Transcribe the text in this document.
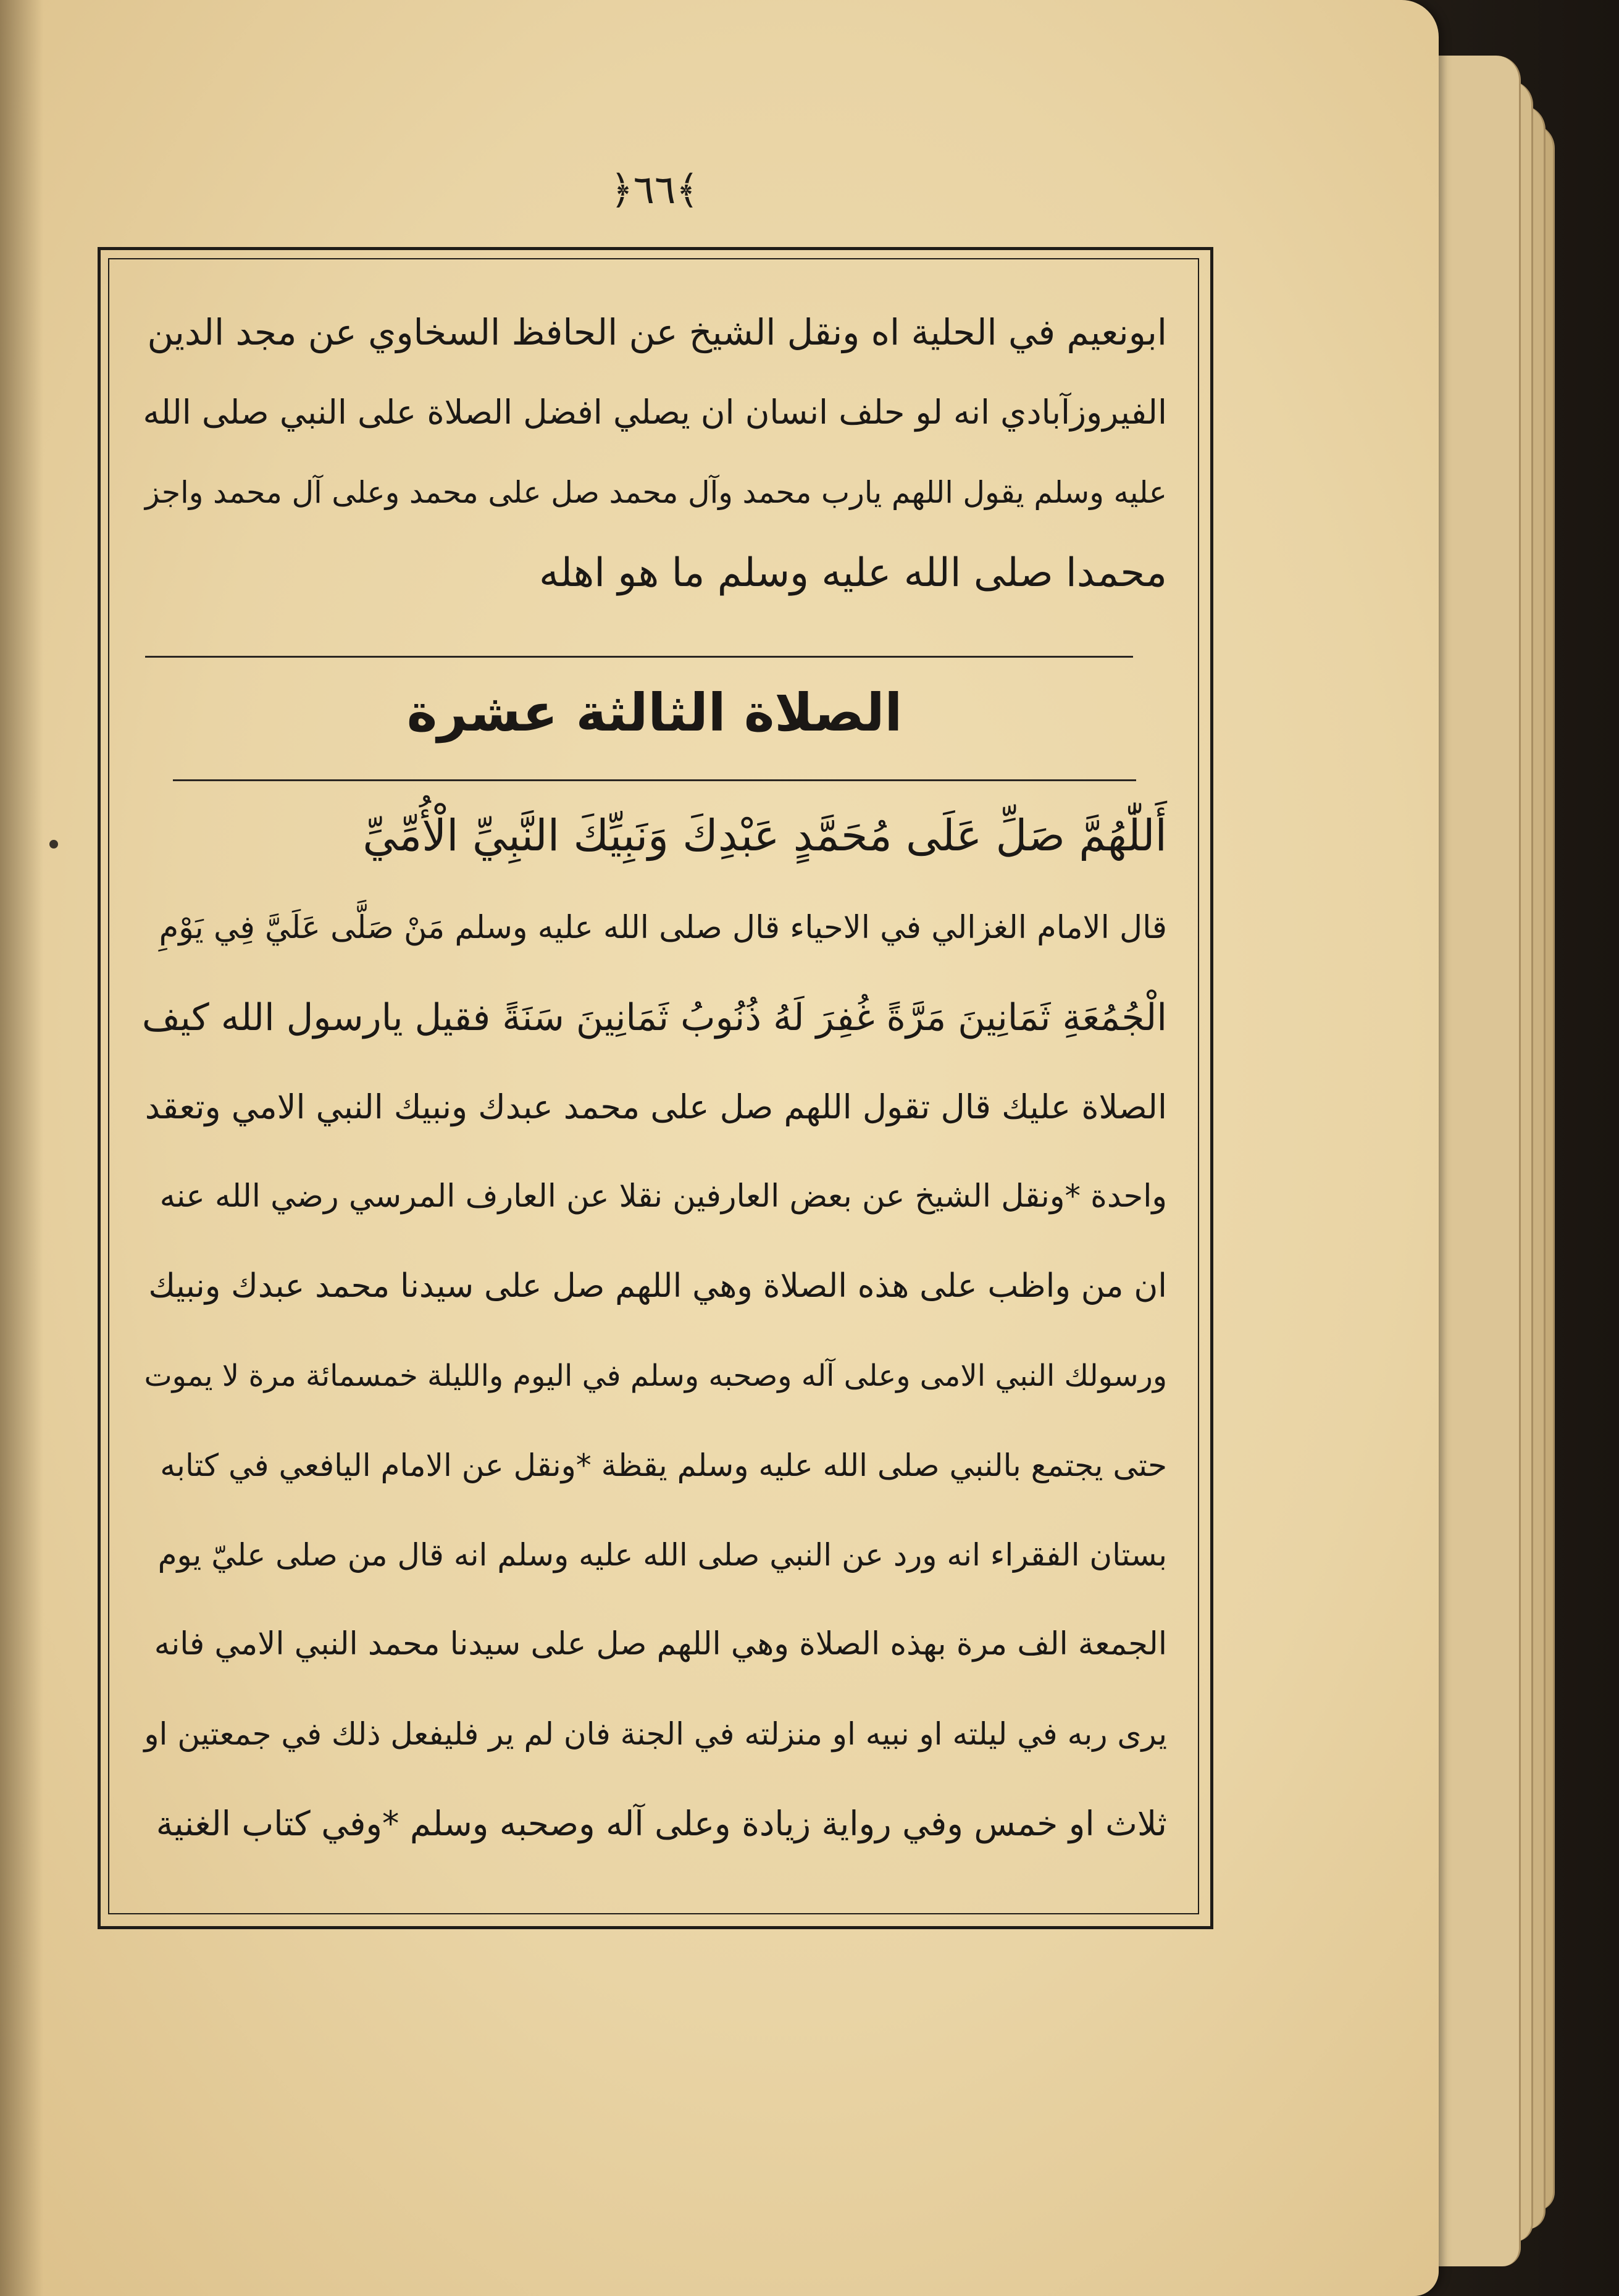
﴿٦٦﴾
ابونعيم في الحلية اه ونقل الشيخ عن الحافظ السخاوي عن مجد الدين
الفيروزآبادي انه لو حلف انسان ان يصلي افضل الصلاة على النبي صلى الله
عليه وسلم يقول اللهم يارب محمد وآل محمد صل على محمد وعلى آل محمد واجز
محمدا صلى الله عليه وسلم ما هو اهله
الصلاة الثالثة عشرة
أَللّٰهُمَّ صَلِّ عَلَى مُحَمَّدٍ عَبْدِكَ وَنَبِيِّكَ النَّبِيِّ الْأُمِّيِّ
قال الامام الغزالي في الاحياء قال صلى الله عليه وسلم مَنْ صَلَّى عَلَيَّ فِي يَوْمِ
الْجُمُعَةِ ثَمَانِينَ مَرَّةً غُفِرَ لَهُ ذُنُوبُ ثَمَانِينَ سَنَةً فقيل يارسول الله كيف
الصلاة عليك قال تقول اللهم صل على محمد عبدك ونبيك النبي الامي وتعقد
واحدة *ونقل الشيخ عن بعض العارفين نقلا عن العارف المرسي رضي الله عنه
ان من واظب على هذه الصلاة وهي اللهم صل على سيدنا محمد عبدك ونبيك
ورسولك النبي الامى وعلى آله وصحبه وسلم في اليوم والليلة خمسمائة مرة لا يموت
حتى يجتمع بالنبي صلى الله عليه وسلم يقظة *ونقل عن الامام اليافعي في كتابه
بستان الفقراء انه ورد عن النبي صلى الله عليه وسلم انه قال من صلى عليّ يوم
الجمعة الف مرة بهذه الصلاة وهي اللهم صل على سيدنا محمد النبي الامي فانه
يرى ربه في ليلته او نبيه او منزلته في الجنة فان لم ير فليفعل ذلك في جمعتين او
ثلاث او خمس وفي رواية زيادة وعلى آله وصحبه وسلم *وفي كتاب الغنية
